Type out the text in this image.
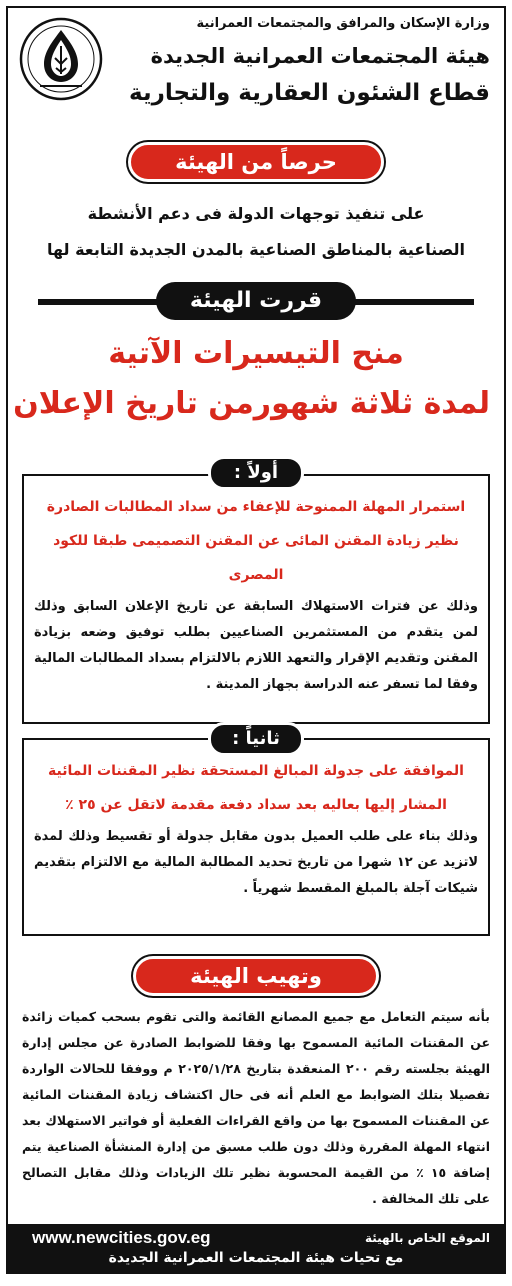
وزارة الإسكان والمرافق والمجتمعات العمرانية
هيئة المجتمعات العمرانية الجديدة
قطاع الشئون العقارية والتجارية
حرصاً من الهيئة
على تنفيذ توجهات الدولة فى دعم الأنشطة
الصناعية بالمناطق الصناعية بالمدن الجديدة التابعة لها
قررت الهيئة
منح التيسيرات الآتية
لمدة ثلاثة شهورمن تاريخ الإعلان
استمرار المهلة الممنوحة للإعفاء من سداد المطالبات الصادرة
نظير زيادة المقنن المائى عن المقنن التصميمى طبقا للكود المصرى
وذلك عن فترات الاستهلاك السابقة عن تاريخ الإعلان السابق وذلك لمن يتقدم من المستثمرين الصناعيين بطلب توفيق وضعه بزيادة المقنن وتقديم الإقرار والتعهد اللازم بالالتزام بسداد المطالبات المالية وفقا لما تسفر عنه الدراسة بجهاز المدينة .
أولاً :
الموافقة على جدولة المبالغ المستحقة نظير المقننات المائية
المشار إليها بعاليه بعد سداد دفعة مقدمة لاتقل عن ٢٥ ٪
وذلك بناء على طلب العميل بدون مقابل جدولة أو تقسيط وذلك لمدة لاتزيد عن ١٢ شهرا من تاريخ تحديد المطالبة المالية مع الالتزام بتقديم شيكات آجلة بالمبلغ المقسط شهرياً .
ثانياً :
وتهيب الهيئة
بأنه سيتم التعامل مع جميع المصانع القائمة والتى تقوم بسحب كميات زائدة عن المقننات المائية المسموح بها وفقا للضوابط الصادرة عن مجلس إدارة الهيئة بجلسته رقم ٢٠٠ المنعقدة بتاريخ ٢٠٢٥/١/٢٨ م ووفقا للحالات الواردة تفصيلا بتلك الضوابط مع العلم أنه فى حال اكتشاف زيادة المقننات المائية عن المقننات المسموح بها من واقع القراءات الفعلية أو فواتير الاستهلاك بعد انتهاء المهلة المقررة وذلك دون طلب مسبق من إدارة المنشأة الصناعية يتم إضافة ١٥ ٪ من القيمة المحسوبة نظير تلك الزيادات وذلك مقابل التصالح على تلك المخالفة .
الموقع الخاص بالهيئة
www.newcities.gov.eg
مع تحيات هيئة المجتمعات العمرانية الجديدة
